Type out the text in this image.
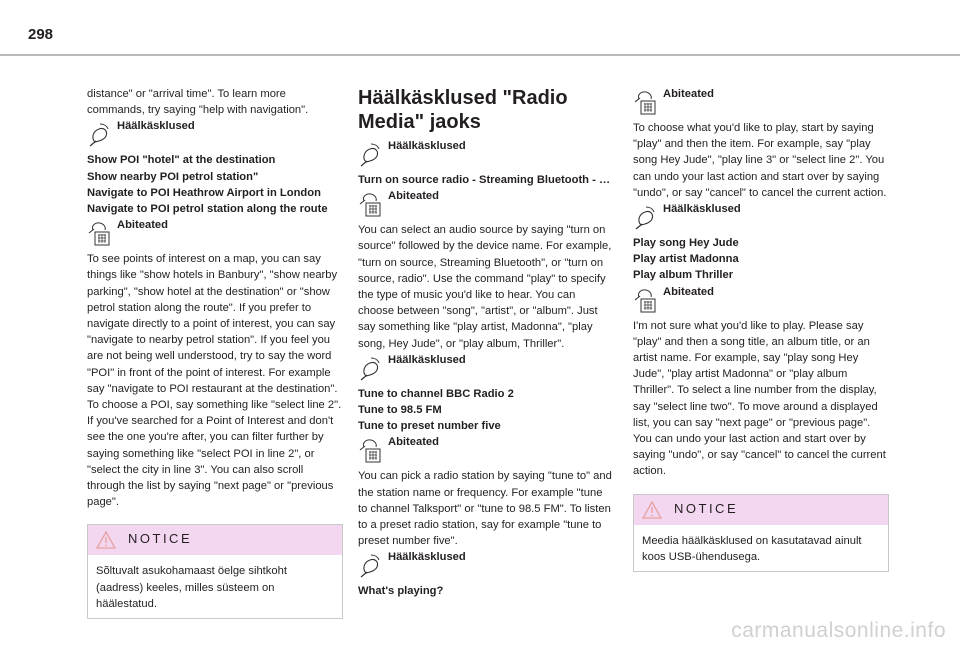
298

distance" or "arrival time". To learn more commands, try saying "help with navigation".

Häälkäsklused
Show POI "hotel" at the destination
Show nearby POI petrol station"
Navigate to POI Heathrow Airport in London
Navigate to POI petrol station along the route
Abiteated

To see points of interest on a map, you can say things like "show hotels in Banbury", "show nearby parking", "show hotel at the destination" or "show petrol station along the route". If you prefer to navigate directly to a point of interest, you can say "navigate to nearby petrol station". If you feel you are not being well understood, try to say the word "POI" in front of the point of interest. For example say "navigate to POI restaurant at the destination".
To choose a POI, say something like "select line 2". If you've searched for a Point of Interest and don't see the one you're after, you can filter further by saying something like "select POI in line 2", or "select the city in line 3". You can also scroll through the list by saying "next page" or "previous page".

NOTICE
Sõltuvalt asukohamaast öelge sihtkoht (aadress) keeles, milles süsteem on häälestatud.
Häälkäsklused "Radio Media" jaoks
Häälkäsklused
Turn on source radio - Streaming Bluetooth - …
Abiteated

You can select an audio source by saying "turn on source" followed by the device name. For example, "turn on source, Streaming Bluetooth", or "turn on source, radio". Use the command "play" to specify the type of music you'd like to hear. You can choose between "song", "artist", or "album". Just say something like "play artist, Madonna", "play song, Hey Jude", or "play album, Thriller".

Häälkäsklused
Tune to channel BBC Radio 2
Tune to 98.5 FM
Tune to preset number five
Abiteated

You can pick a radio station by saying "tune to" and the station name or frequency. For example "tune to channel Talksport" or "tune to 98.5 FM". To listen to a preset radio station, say for example "tune to preset number five".

Häälkäsklused
What's playing?
Abiteated

To choose what you'd like to play, start by saying "play" and then the item. For example, say "play song Hey Jude", "play line 3" or "select line 2". You can undo your last action and start over by saying "undo", or say "cancel" to cancel the current action.

Häälkäsklused
Play song Hey Jude
Play artist Madonna
Play album Thriller
Abiteated

I'm not sure what you'd like to play. Please say "play" and then a song title, an album title, or an artist name. For example, say "play song Hey Jude", "play artist Madonna" or "play album Thriller". To select a line number from the display, say "select line two". To move around a displayed list, you can say "next page" or "previous page". You can undo your last action and start over by saying "undo", or say "cancel" to cancel the current action.

NOTICE
Meedia häälkäsklused on kasutatavad ainult koos USB-ühendusega.
carmanualsonline.info
